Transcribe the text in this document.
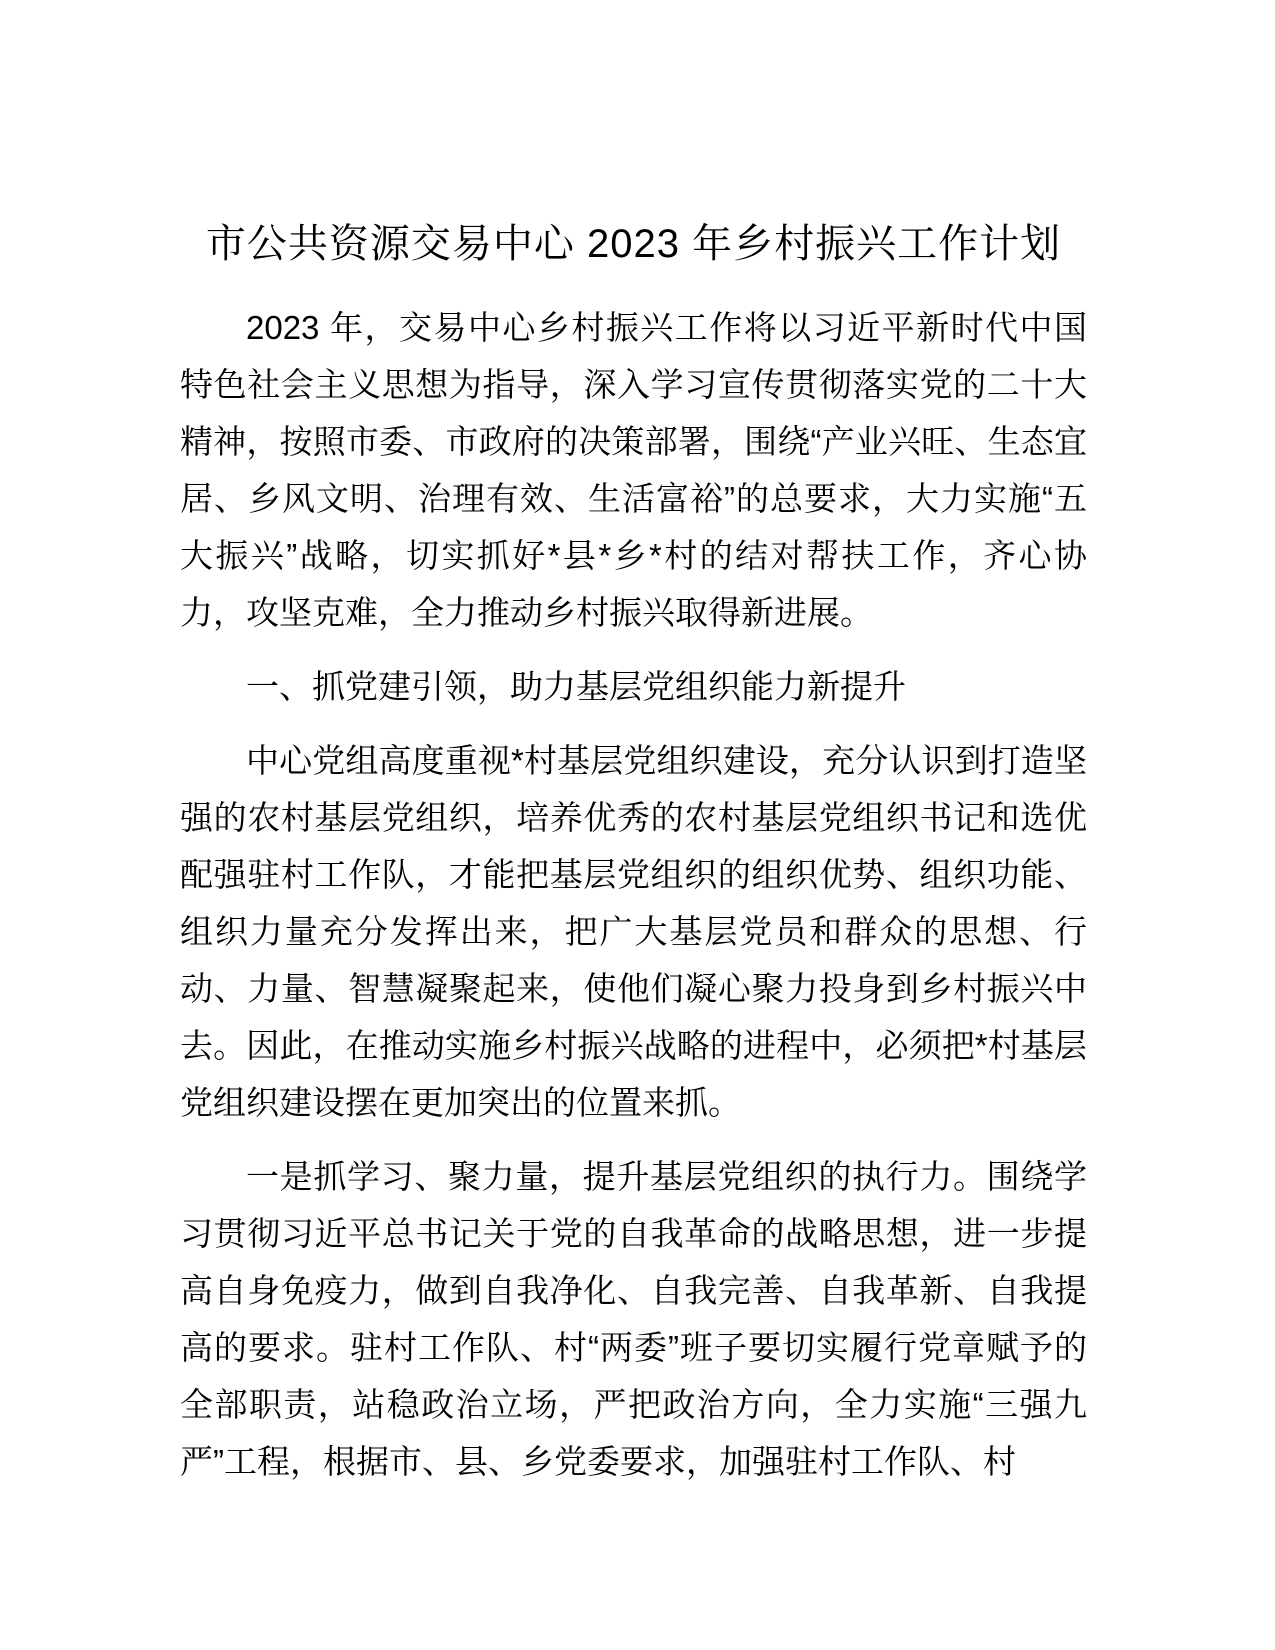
市公共资源交易中心 2023 年乡村振兴工作计划

2023 年，交易中心乡村振兴工作将以习近平新时代中国特色社会主义思想为指导，深入学习宣传贯彻落实党的二十大精神，按照市委、市政府的决策部署，围绕“产业兴旺、生态宜居、乡风文明、治理有效、生活富裕”的总要求，大力实施“五大振兴”战略，切实抓好*县*乡*村的结对帮扶工作，齐心协力，攻坚克难，全力推动乡村振兴取得新进展。

一、抓党建引领，助力基层党组织能力新提升

中心党组高度重视*村基层党组织建设，充分认识到打造坚强的农村基层党组织，培养优秀的农村基层党组织书记和选优配强驻村工作队，才能把基层党组织的组织优势、组织功能、组织力量充分发挥出来，把广大基层党员和群众的思想、行动、力量、智慧凝聚起来，使他们凝心聚力投身到乡村振兴中去。因此，在推动实施乡村振兴战略的进程中，必须把*村基层党组织建设摆在更加突出的位置来抓。

一是抓学习、聚力量，提升基层党组织的执行力。围绕学习贯彻习近平总书记关于党的自我革命的战略思想，进一步提高自身免疫力，做到自我净化、自我完善、自我革新、自我提高的要求。驻村工作队、村“两委”班子要切实履行党章赋予的全部职责，站稳政治立场，严把政治方向，全力实施“三强九严”工程，根据市、县、乡党委要求，加强驻村工作队、村
